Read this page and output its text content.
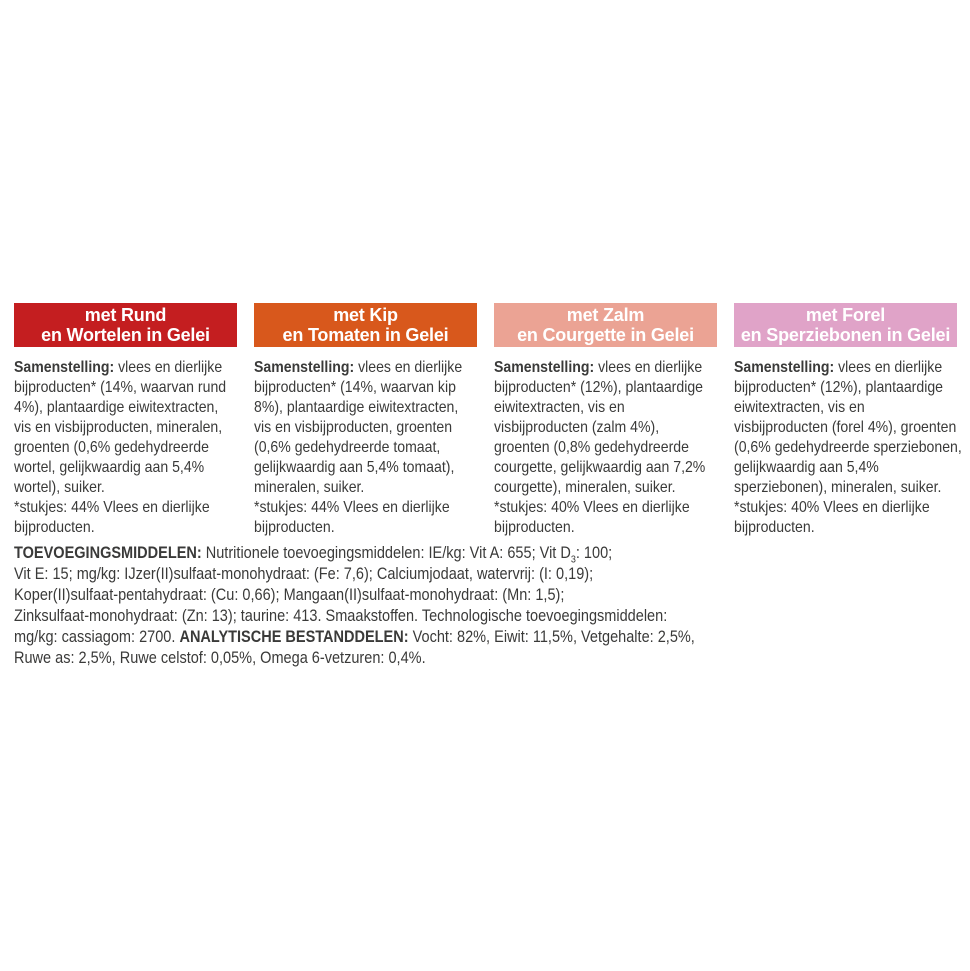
met Rund
en Wortelen in Gelei
Samenstelling: vlees en dierlijke
bijproducten* (14%, waarvan rund
4%), plantaardige eiwitextracten,
vis en visbijproducten, mineralen,
groenten (0,6% gedehydreerde
wortel, gelijkwaardig aan 5,4%
wortel), suiker.
*stukjes: 44% Vlees en dierlijke
bijproducten.
met Kip
en Tomaten in Gelei
Samenstelling: vlees en dierlijke
bijproducten* (14%, waarvan kip
8%), plantaardige eiwitextracten,
vis en visbijproducten, groenten
(0,6% gedehydreerde tomaat,
gelijkwaardig aan 5,4% tomaat),
mineralen, suiker.
*stukjes: 44% Vlees en dierlijke
bijproducten.
met Zalm
en Courgette in Gelei
Samenstelling: vlees en dierlijke
bijproducten* (12%), plantaardige
eiwitextracten, vis en
visbijproducten (zalm 4%),
groenten (0,8% gedehydreerde
courgette, gelijkwaardig aan 7,2%
courgette), mineralen, suiker.
*stukjes: 40% Vlees en dierlijke
bijproducten.
met Forel
en Sperziebonen in Gelei
Samenstelling: vlees en dierlijke
bijproducten* (12%), plantaardige
eiwitextracten, vis en
visbijproducten (forel 4%), groenten
(0,6% gedehydreerde sperziebonen,
gelijkwaardig aan 5,4%
sperziebonen), mineralen, suiker.
*stukjes: 40% Vlees en dierlijke
bijproducten.
TOEVOEGINGSMIDDELEN: Nutritionele toevoegingsmiddelen: IE/kg: Vit A: 655; Vit $D_3$: 100;
Vit E: 15; mg/kg: IJzer(II)sulfaat-monohydraat: (Fe: 7,6); Calciumjodaat, watervrij: (I: 0,19);
Koper(II)sulfaat-pentahydraat: (Cu: 0,66); Mangaan(II)sulfaat-monohydraat: (Mn: 1,5);
Zinksulfaat-monohydraat: (Zn: 13); taurine: 413. Smaakstoffen. Technologische toevoegingsmiddelen:
mg/kg: cassiagom: 2700. ANALYTISCHE BESTANDDELEN: Vocht: 82%, Eiwit: 11,5%, Vetgehalte: 2,5%,
Ruwe as: 2,5%, Ruwe celstof: 0,05%, Omega 6-vetzuren: 0,4%.
